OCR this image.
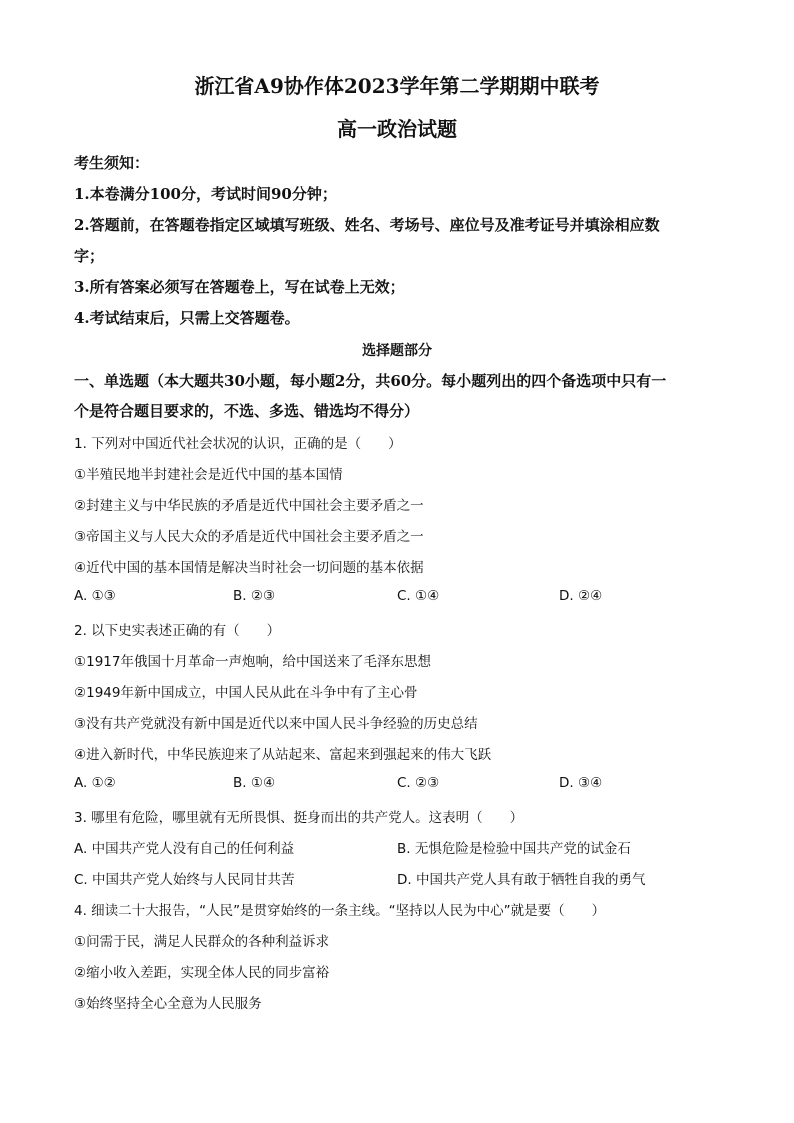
浙江省A9协作体2023学年第二学期期中联考
高一政治试题
考生须知：
1.本卷满分100分，考试时间90分钟；
2.答题前，在答题卷指定区域填写班级、姓名、考场号、座位号及准考证号并填涂相应数
字；
3.所有答案必须写在答题卷上，写在试卷上无效；
4.考试结束后，只需上交答题卷。
选择题部分
一、单选题（本大题共30小题，每小题2分，共60分。每小题列出的四个备选项中只有一
个是符合题目要求的，不选、多选、错选均不得分）
1. 下列对中国近代社会状况的认识，正确的是（　　）
①半殖民地半封建社会是近代中国的基本国情
②封建主义与中华民族的矛盾是近代中国社会主要矛盾之一
③帝国主义与人民大众的矛盾是近代中国社会主要矛盾之一
④近代中国的基本国情是解决当时社会一切问题的基本依据
A. ①③	B. ②③	C. ①④	D. ②④
2. 以下史实表述正确的有（　　）
①1917年俄国十月革命一声炮响，给中国送来了毛泽东思想
②1949年新中国成立，中国人民从此在斗争中有了主心骨
③没有共产党就没有新中国是近代以来中国人民斗争经验的历史总结
④进入新时代，中华民族迎来了从站起来、富起来到强起来的伟大飞跃
A. ①②	B. ①④	C. ②③	D. ③④
3. 哪里有危险，哪里就有无所畏惧、挺身而出的共产党人。这表明（　　）
A. 中国共产党人没有自己的任何利益	B. 无惧危险是检验中国共产党的试金石
C. 中国共产党人始终与人民同甘共苦	D. 中国共产党人具有敢于牺牲自我的勇气
4. 细读二十大报告，“人民”是贯穿始终的一条主线。“坚持以人民为中心”就是要（　　）
①问需于民，满足人民群众的各种利益诉求
②缩小收入差距，实现全体人民的同步富裕
③始终坚持全心全意为人民服务
